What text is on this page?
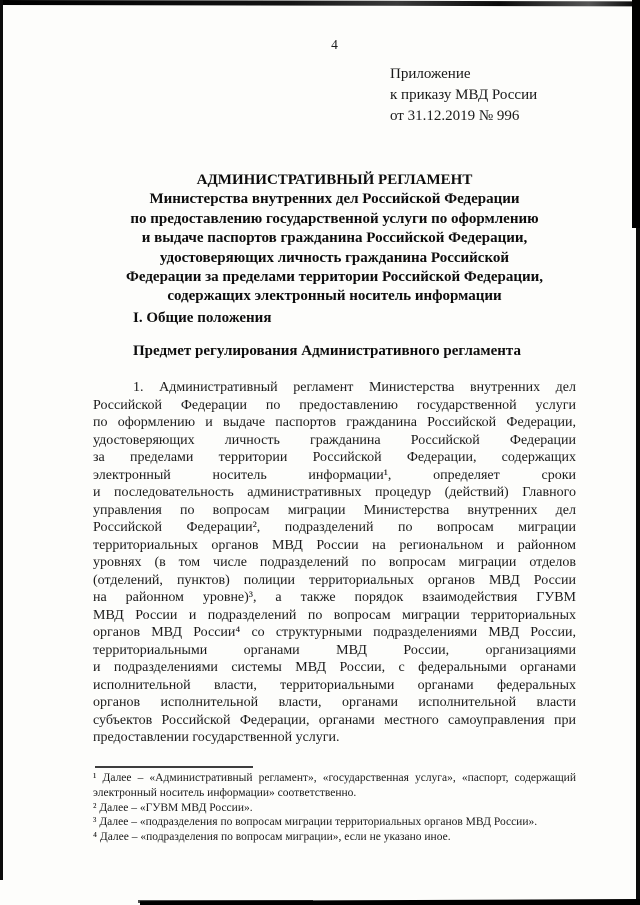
4
Приложение
к приказу МВД России
от 31.12.2019 № 996
АДМИНИСТРАТИВНЫЙ РЕГЛАМЕНТ
Министерства внутренних дел Российской Федерации
по предоставлению государственной услуги по оформлению
и выдаче паспортов гражданина Российской Федерации,
удостоверяющих личность гражданина Российской
Федерации за пределами территории Российской Федерации,
содержащих электронный носитель информации
I. Общие положения
Предмет регулирования Административного регламента
1. Административный регламент Министерства внутренних дел
Российской Федерации по предоставлению государственной услуги
по оформлению и выдаче паспортов гражданина Российской Федерации,
удостоверяющих личность гражданина Российской Федерации
за пределами территории Российской Федерации, содержащих
электронный носитель информации¹, определяет сроки
и последовательность административных процедур (действий) Главного
управления по вопросам миграции Министерства внутренних дел
Российской Федерации², подразделений по вопросам миграции
территориальных органов МВД России на региональном и районном
уровнях (в том числе подразделений по вопросам миграции отделов
(отделений, пунктов) полиции территориальных органов МВД России
на районном уровне)³, а также порядок взаимодействия ГУВМ
МВД России и подразделений по вопросам миграции территориальных
органов МВД России⁴ со структурными подразделениями МВД России,
территориальными органами МВД России, организациями
и подразделениями системы МВД России, с федеральными органами
исполнительной власти, территориальными органами федеральных
органов исполнительной власти, органами исполнительной власти
субъектов Российской Федерации, органами местного самоуправления при
предоставлении государственной услуги.
¹ Далее – «Административный регламент», «государственная услуга», «паспорт, содержащий
электронный носитель информации» соответственно.
² Далее – «ГУВМ МВД России».
³ Далее – «подразделения по вопросам миграции территориальных органов МВД России».
⁴ Далее – «подразделения по вопросам миграции», если не указано иное.
